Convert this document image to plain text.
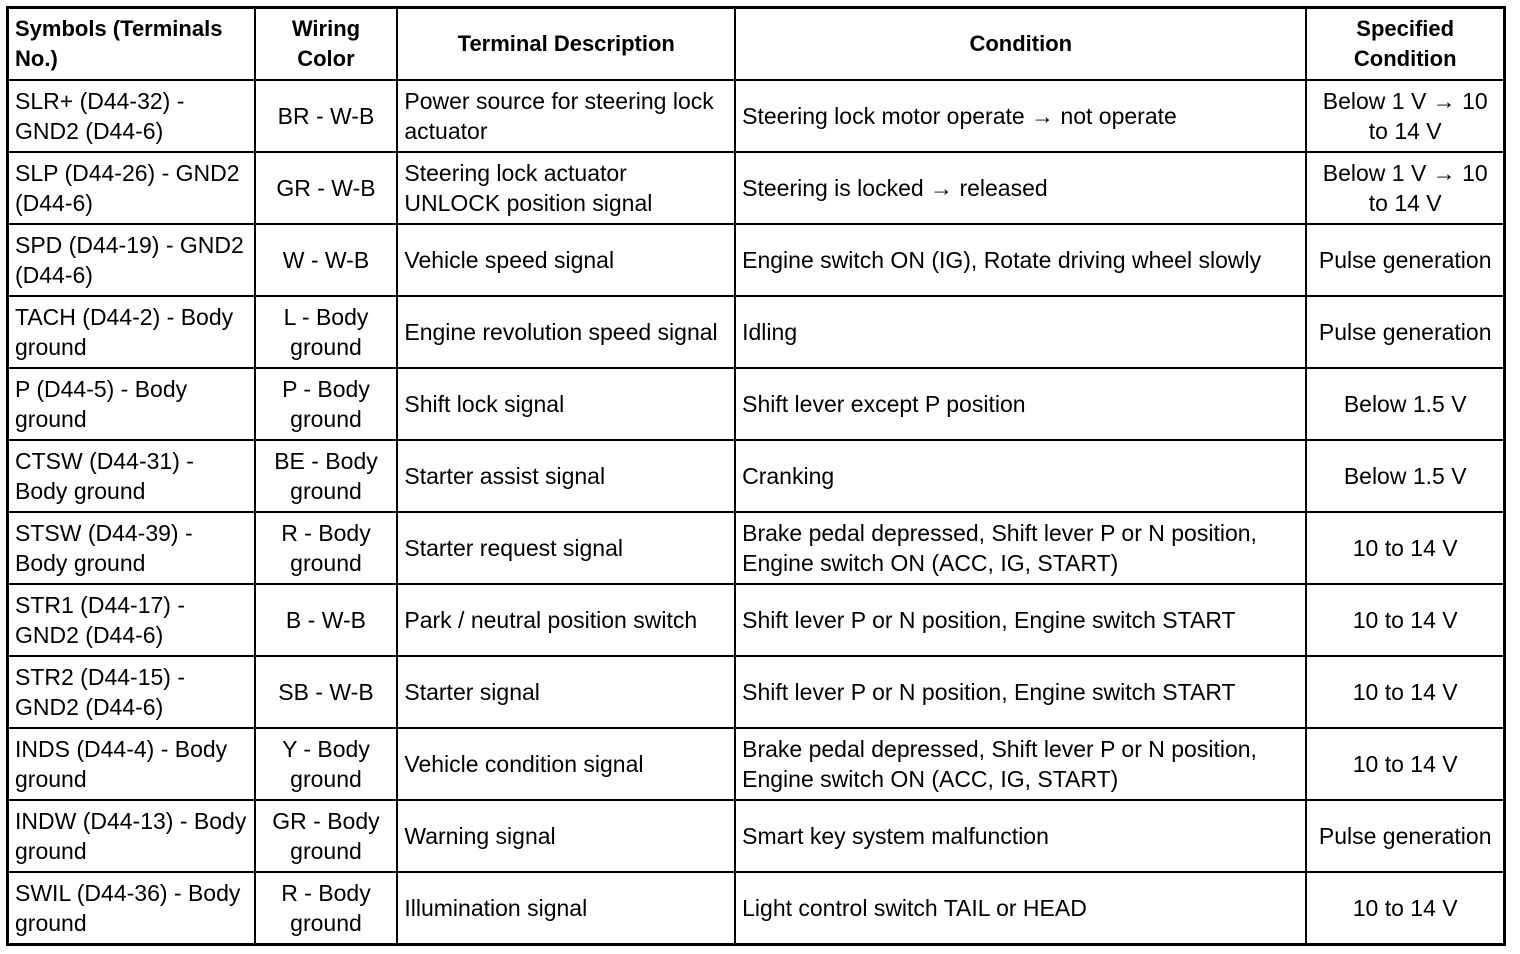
Symbols (Terminals No.)	Wiring Color	Terminal Description	Condition	Specified Condition
SLR+ (D44-32) - GND2 (D44-6)	BR - W-B	Power source for steering lock actuator	Steering lock motor operate → not operate	Below 1 V → 10 to 14 V
SLP (D44-26) - GND2 (D44-6)	GR - W-B	Steering lock actuator UNLOCK position signal	Steering is locked → released	Below 1 V → 10 to 14 V
SPD (D44-19) - GND2 (D44-6)	W - W-B	Vehicle speed signal	Engine switch ON (IG), Rotate driving wheel slowly	Pulse generation
TACH (D44-2) - Body ground	L - Body ground	Engine revolution speed signal	Idling	Pulse generation
P (D44-5) - Body ground	P - Body ground	Shift lock signal	Shift lever except P position	Below 1.5 V
CTSW (D44-31) - Body ground	BE - Body ground	Starter assist signal	Cranking	Below 1.5 V
STSW (D44-39) - Body ground	R - Body ground	Starter request signal	Brake pedal depressed, Shift lever P or N position, Engine switch ON (ACC, IG, START)	10 to 14 V
STR1 (D44-17) - GND2 (D44-6)	B - W-B	Park / neutral position switch	Shift lever P or N position, Engine switch START	10 to 14 V
STR2 (D44-15) - GND2 (D44-6)	SB - W-B	Starter signal	Shift lever P or N position, Engine switch START	10 to 14 V
INDS (D44-4) - Body ground	Y - Body ground	Vehicle condition signal	Brake pedal depressed, Shift lever P or N position, Engine switch ON (ACC, IG, START)	10 to 14 V
INDW (D44-13) - Body ground	GR - Body ground	Warning signal	Smart key system malfunction	Pulse generation
SWIL (D44-36) - Body ground	R - Body ground	Illumination signal	Light control switch TAIL or HEAD	10 to 14 V
